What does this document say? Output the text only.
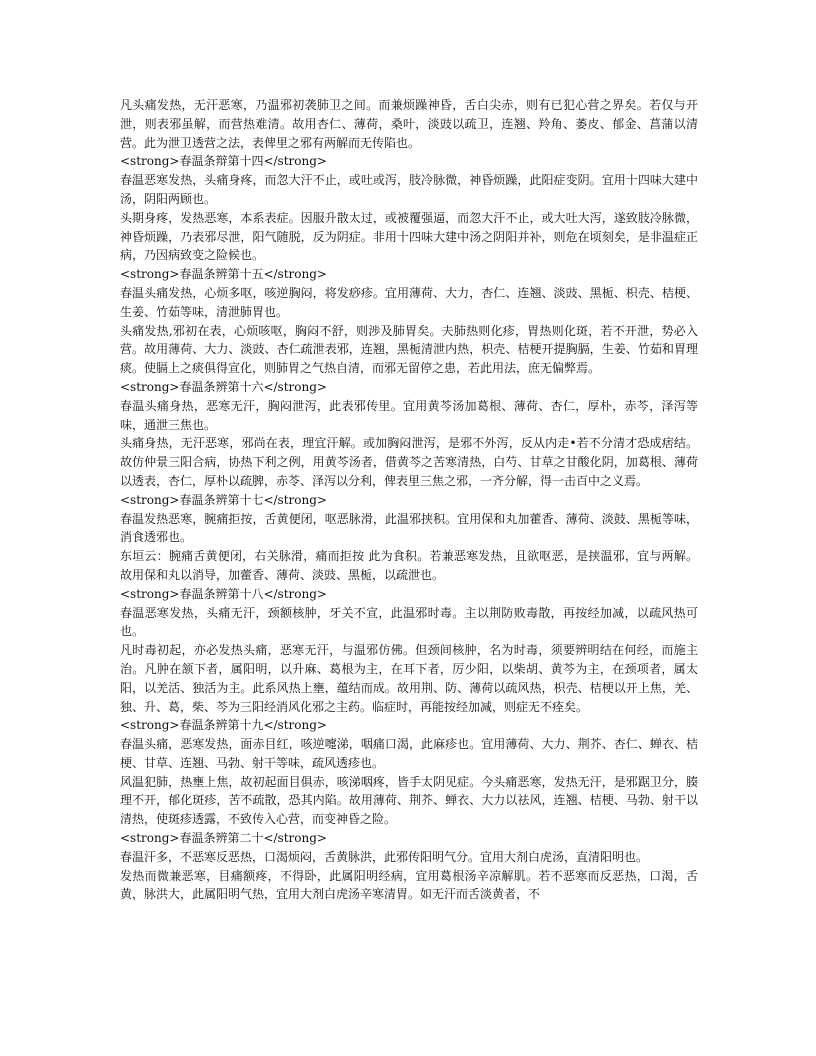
凡头痛发热，无汗恶寒，乃温邪初袭肺卫之间。而兼烦躁神昏，舌白尖赤，则有已犯心营之界矣。若仅与开泄，则表邪虽解，而营热难清。故用杏仁、薄荷，桑叶，淡豉以疏卫，连翘、羚角、萎皮、郁金、菖蒲以清营。此为泄卫透营之法，表俾里之邪有两解而无传陷也。

<strong>春温条辩第十四</strong>

春温恶寒发热，头痛身疼，而忽大汗不止，或吐或泻，肢冷脉微，神昏烦躁，此阳症变阴。宜用十四味大建中汤，阴阳两顾也。

头期身疼，发热恶寒，本系表症。因服升散太过，或被覆强逼，而忽大汗不止，或大吐大泻，遂致肢冷脉微，神昏烦躁，乃表邪尽泄，阳气随脱，反为阴症。非用十四味大建中汤之阴阳并补，则危在顷刻矣，是非温症正病，乃因病致变之险候也。

<strong>春温条辨第十五</strong>

春温头痛发热，心烦多呕，咳逆胸闷，将发痧疹。宜用薄荷、大力，杏仁、连翘、淡豉、黑栀、枳壳、桔梗、生姜、竹茹等味，清泄肺胃也。

头痛发热,邪初在表，心烦咳呕，胸闷不舒，则渉及肺胃矣。夫肺热则化疹，胃热则化斑，若不开泄，势必入营。故用薄荷、大力、淡豉、杏仁疏泄表邪，连翘，黑栀清泄内热，枳壳、桔梗开提胸膈，生姜、竹茹和胃理痰。使膈上之痰俱得宣化，则肺胃之气热自清，而邪无留停之患，若此用法，庶无偏弊焉。

<strong>春温条辨第十六</strong>

春温头痛身热，恶寒无汗，胸闷泄泻，此表邪传里。宜用黄芩汤加葛根、薄荷、杏仁，厚朴，赤芩，泽泻等味，通泄三焦也。

头痛身热，无汗恶寒，邪尚在表，理宜汗解。或加胸闷泄泻，是邪不外泻，反从内走•若不分清才恐成痞结。故仿仲景三阳合病，协热下利之例，用黄芩汤者，借黄芩之苦寒清热，白芍、甘草之甘酸化阴，加葛根、薄荷以透表，杏仁，厚朴以疏脾，赤苓、泽泻以分利，俾表里三焦之邪，一齐分解，得一击百中之义焉。

<strong>春温条辨第十七</strong>

春温发热恶寒，腕痛拒按，舌黄便闭，呕恶脉滑，此温邪挟积。宜用保和丸加藿香、薄荷、淡鼓、黑栀等味，消食透邪也。

东垣云：腕痛舌黄便闭，右关脉滑，痛而拒按 此为食积。若兼恶寒发热，且欲呕恶，是挟温邪，宜与两解。故用保和丸以消导，加藿香、薄荷、淡豉、黑栀，以疏泄也。

<strong>春温条辨第十八</strong>

春温恶寒发热，头痛无汗，颈额核肿，牙关不宣，此温邪时毒。主以荆防败毒散，再按经加减，以疏风热可也。

凡时毒初起，亦必发热头痛，恶寒无汗，与温邪仿佛。但颈间核肿，名为时毒，须要辨明结在何经，而施主治。凡肿在颔下者，属阳明，以升麻、葛根为主，在耳下者，厉少阳，以柴胡、黄芩为主，在颈项者，属太阳，以羌活、独活为主。此系风热上壅，蕴结而成。故用荆、防、薄荷以疏风热，枳壳、桔梗以开上焦，羌、独、升、葛，柴、芩为三阳经消风化邪之主药。临症时，再能按经加减，则症无不痊矣。

<strong>春温条辨第十九</strong>

春温头痛，恶寒发热，面赤目红，咳逆嚏涕，咽痛口渴，此麻疹也。宜用薄荷、大力、荆芥、杏仁、蝉衣、桔梗、甘草、连翘、马勃、射干等味，疏风透疹也。

风温犯肺，热壅上焦，故初起面目俱赤，咳涕咽疼，皆手太阴见症。今头痛恶寒，发热无汗，是邪踞卫分，腠理不开，郁化斑疹，苦不疏散，恐其内陷。故用薄荷、荆芥、蝉衣、大力以祛风，连翘、桔梗、马勃、射干以清热，使斑疹透露，不致传入心营，而变神昏之险。

<strong>春温条辨第二十</strong>

春温汗多，不恶寒反恶热，口渴烦闷，舌黄脉洪，此邪传阳明气分。宜用大剂白虎汤，直清阳明也。

发热而微兼恶寒，目痛额疼，不得卧，此属阳明经病，宜用葛根汤辛凉解肌。若不恶寒而反恶热，口渴，舌黄，脉洪大，此属阳明气热，宜用大剂白虎汤辛寒清胃。如无汗而舌淡黄者，不
